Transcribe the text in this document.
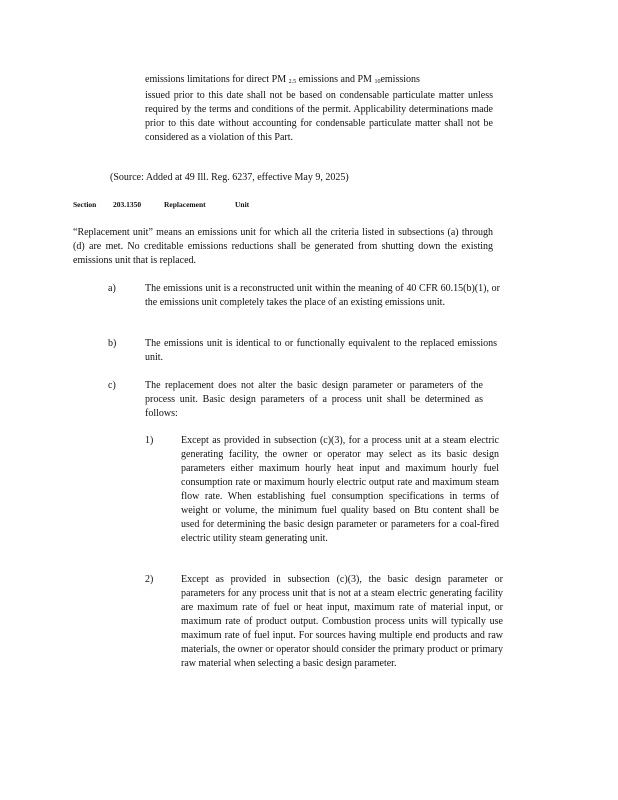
emissions limitations for direct PM $_{2.5}$ emissions and PM $_{10}$emissions

issued prior to this date shall not be based on condensable particulate matter unless required by the terms and conditions of the permit. Applicability determinations made prior to this date without accounting for condensable particulate matter shall not be considered as a violation of this Part.

(Source: Added at 49 Ill. Reg. 6237, effective May 9, 2025)
Section 203.1350	Replacement	Unit
“Replacement unit” means an emissions unit for which all the criteria listed in subsections (a) through (d) are met. No creditable emissions reductions shall be generated from shutting down the existing emissions unit that is replaced.
a)	The emissions unit is a reconstructed unit within the meaning of 40 CFR 60.15(b)(1), or the emissions unit completely takes the place of an existing emissions unit.
b)	The emissions unit is identical to or functionally equivalent to the replaced emissions unit.
c)	The replacement does not alter the basic design parameter or parameters of the process unit. Basic design parameters of a process unit shall be determined as follows:
1)	Except as provided in subsection (c)(3), for a process unit at a steam electric generating facility, the owner or operator may select as its basic design parameters either maximum hourly heat input and maximum hourly fuel consumption rate or maximum hourly electric output rate and maximum steam flow rate. When establishing fuel consumption specifications in terms of weight or volume, the minimum fuel quality based on Btu content shall be used for determining the basic design parameter or parameters for a coal-fired electric utility steam generating unit.
2)	Except as provided in subsection (c)(3), the basic design parameter or parameters for any process unit that is not at a steam electric generating facility are maximum rate of fuel or heat input, maximum rate of material input, or maximum rate of product output. Combustion process units will typically use maximum rate of fuel input. For sources having multiple end products and raw materials, the owner or operator should consider the primary product or primary raw material when selecting a basic design parameter.
